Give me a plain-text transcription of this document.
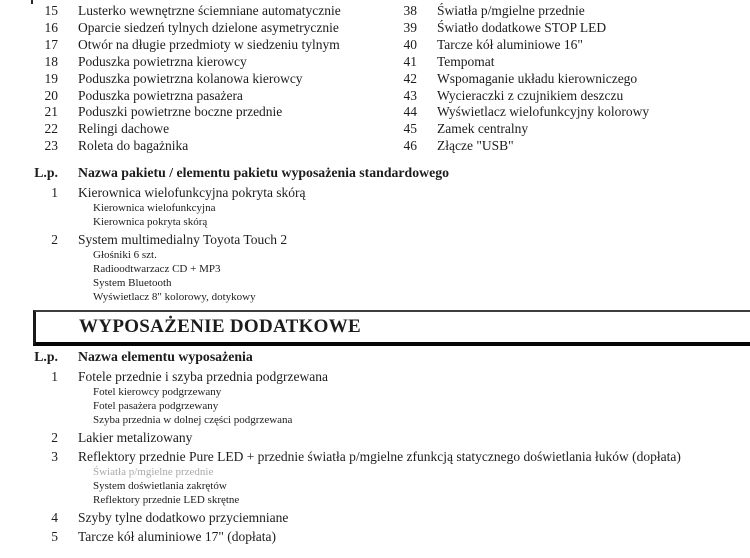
15 Lusterko wewnętrzne ściemniane automatycznie	38 Światła p/mgielne przednie
16 Oparcie siedzeń tylnych dzielone asymetrycznie	39 Światło dodatkowe STOP LED
17 Otwór na długie przedmioty w siedzeniu tylnym	40 Tarcze kół aluminiowe 16"
18 Poduszka powietrzna kierowcy	41 Tempomat
19 Poduszka powietrzna kolanowa kierowcy	42 Wspomaganie układu kierowniczego
20 Poduszka powietrzna pasażera	43 Wycieraczki z czujnikiem deszczu
21 Poduszki powietrzne boczne przednie	44 Wyświetlacz wielofunkcyjny kolorowy
22 Relingi dachowe	45 Zamek centralny
23 Roleta do bagażnika	46 Złącze "USB"
L.p. Nazwa pakietu / elementu pakietu wyposażenia standardowego
1 Kierownica wielofunkcyjna pokryta skórą
Kierownica wielofunkcyjna
Kierownica pokryta skórą
2 System multimedialny Toyota Touch 2
Głośniki 6 szt.
Radioodtwarzacz CD + MP3
System Bluetooth
Wyświetlacz 8" kolorowy, dotykowy
WYPOSAŻENIE DODATKOWE
L.p. Nazwa elementu wyposażenia
1 Fotele przednie i szyba przednia podgrzewana
Fotel kierowcy podgrzewany
Fotel pasażera podgrzewany
Szyba przednia w dolnej części podgrzewana
2 Lakier metalizowany
3 Reflektory przednie Pure LED + przednie światła p/mgielne zfunkcją statycznego doświetlania łuków (dopłata)
Światła p/mgielne przednie
System doświetlania zakrętów
Reflektory przednie LED skrętne
4 Szyby tylne dodatkowo przyciemniane
5 Tarcze kół aluminiowe 17" (dopłata)
